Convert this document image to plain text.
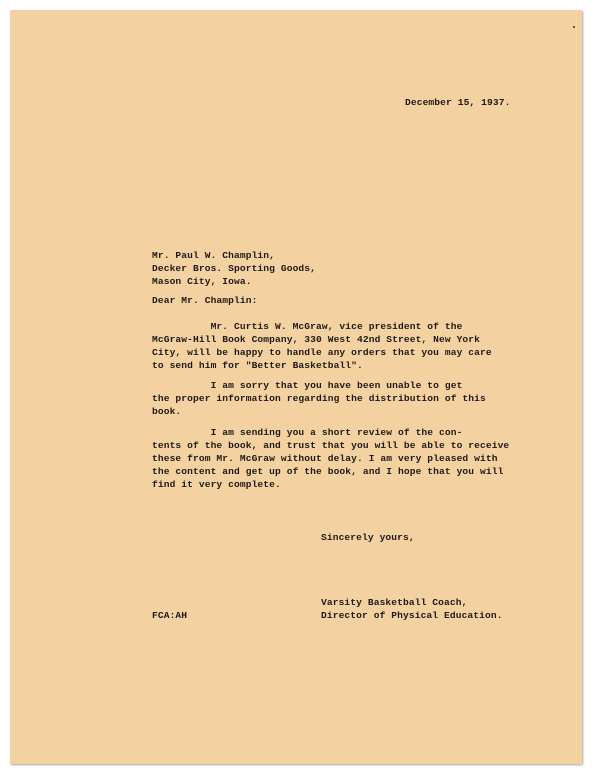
December 15, 1937.

Mr. Paul W. Champlin,

Decker Bros. Sporting Goods,

Mason City, Iowa.

Dear Mr. Champlin:

Mr. Curtis W. McGraw, vice president of the

McGraw-Hill Book Company, 330 West 42nd Street, New York

City, will be happy to handle any orders that you may care

to send him for "Better Basketball".

I am sorry that you have been unable to get

the proper information regarding the distribution of this

book.

I am sending you a short review of the con-

tents of the book, and trust that you will be able to receive

these from Mr. McGraw without delay. I am very pleased with

the content and get up of the book, and I hope that you will

find it very complete.

Sincerely yours,

Varsity Basketball Coach,

Director of Physical Education.

FCA:AH
